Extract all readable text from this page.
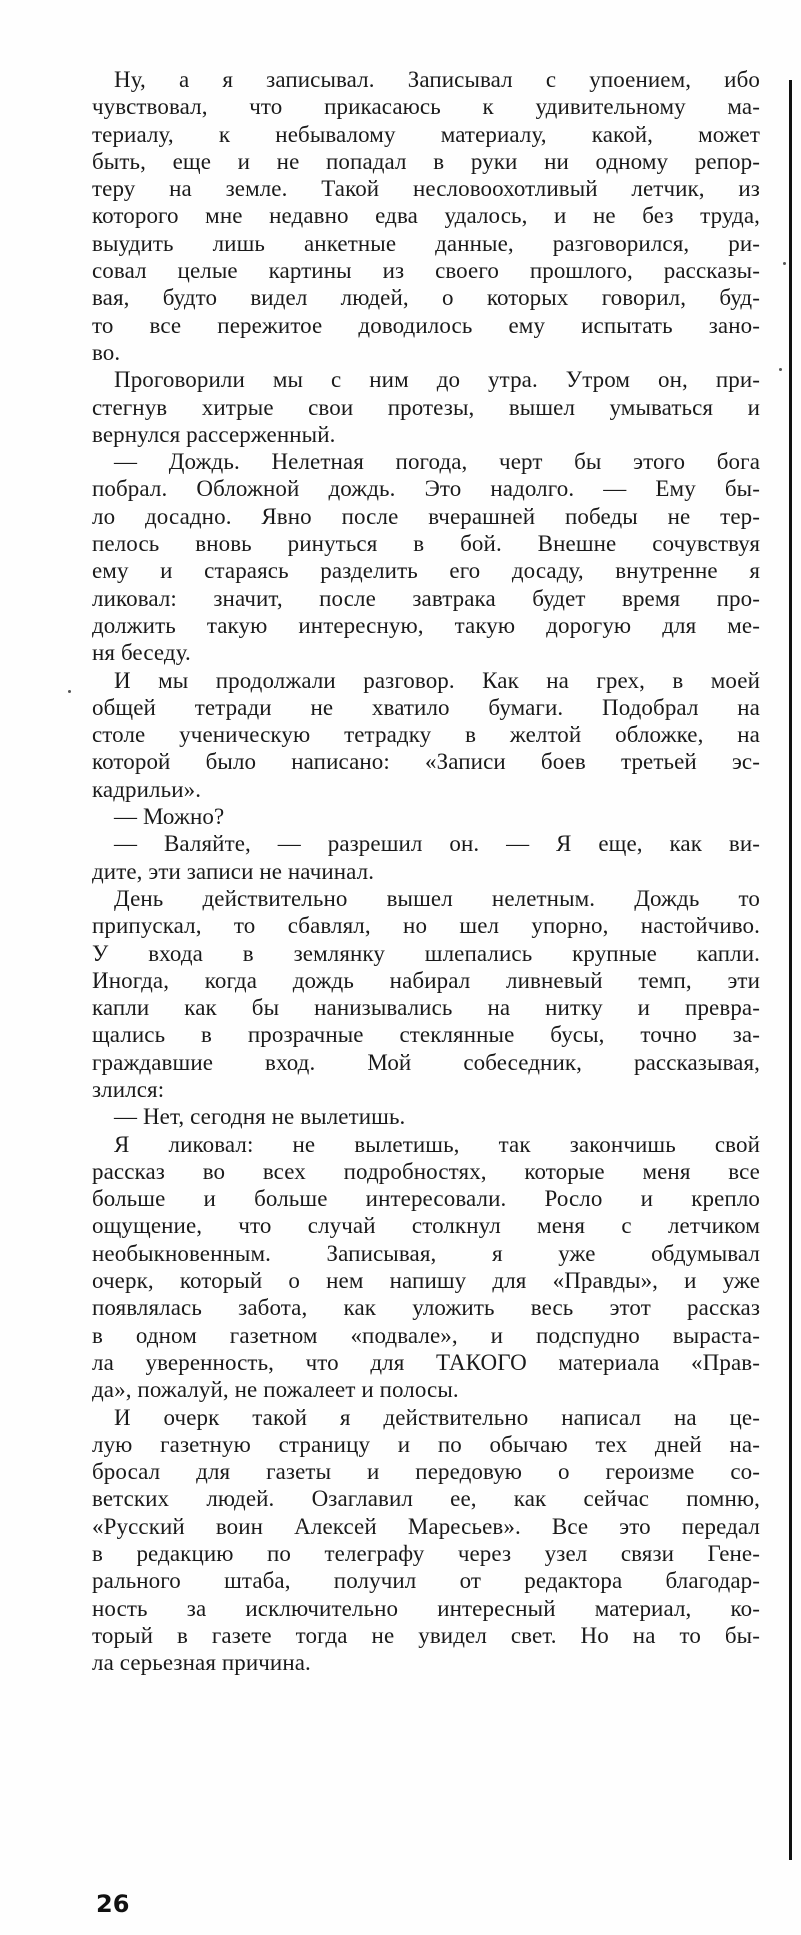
Ну, а я записывал. Записывал с упоением, ибо
чувствовал, что прикасаюсь к удивительному ма-
териалу, к небывалому материалу, какой, может
быть, еще и не попадал в руки ни одному репор-
теру на земле. Такой несловоохотливый летчик, из
которого мне недавно едва удалось, и не без труда,
выудить лишь анкетные данные, разговорился, ри-
совал целые картины из своего прошлого, рассказы-
вая, будто видел людей, о которых говорил, буд-
то все пережитое доводилось ему испытать зано-
во.
Проговорили мы с ним до утра. Утром он, при-
стегнув хитрые свои протезы, вышел умываться и
вернулся рассерженный.
— Дождь. Нелетная погода, черт бы этого бога
побрал. Обложной дождь. Это надолго. — Ему бы-
ло досадно. Явно после вчерашней победы не тер-
пелось вновь ринуться в бой. Внешне сочувствуя
ему и стараясь разделить его досаду, внутренне я
ликовал: значит, после завтрака будет время про-
должить такую интересную, такую дорогую для ме-
ня беседу.
И мы продолжали разговор. Как на грех, в моей
общей тетради не хватило бумаги. Подобрал на
столе ученическую тетрадку в желтой обложке, на
которой было написано: «Записи боев третьей эс-
кадрильи».
— Можно?
— Валяйте, — разрешил он. — Я еще, как ви-
дите, эти записи не начинал.
День действительно вышел нелетным. Дождь то
припускал, то сбавлял, но шел упорно, настойчиво.
У входа в землянку шлепались крупные капли.
Иногда, когда дождь набирал ливневый темп, эти
капли как бы нанизывались на нитку и превра-
щались в прозрачные стеклянные бусы, точно за-
граждавшие вход. Мой собеседник, рассказывая,
злился:
— Нет, сегодня не вылетишь.
Я ликовал: не вылетишь, так закончишь свой
рассказ во всех подробностях, которые меня все
больше и больше интересовали. Росло и крепло
ощущение, что случай столкнул меня с летчиком
необыкновенным. Записывая, я уже обдумывал
очерк, который о нем напишу для «Правды», и уже
появлялась забота, как уложить весь этот рассказ
в одном газетном «подвале», и подспудно выраста-
ла уверенность, что для ТАКОГО материала «Прав-
да», пожалуй, не пожалеет и полосы.
И очерк такой я действительно написал на це-
лую газетную страницу и по обычаю тех дней на-
бросал для газеты и передовую о героизме со-
ветских людей. Озаглавил ее, как сейчас помню,
«Русский воин Алексей Маресьев». Все это передал
в редакцию по телеграфу через узел связи Гене-
рального штаба, получил от редактора благодар-
ность за исключительно интересный материал, ко-
торый в газете тогда не увидел свет. Но на то бы-
ла серьезная причина.
26
